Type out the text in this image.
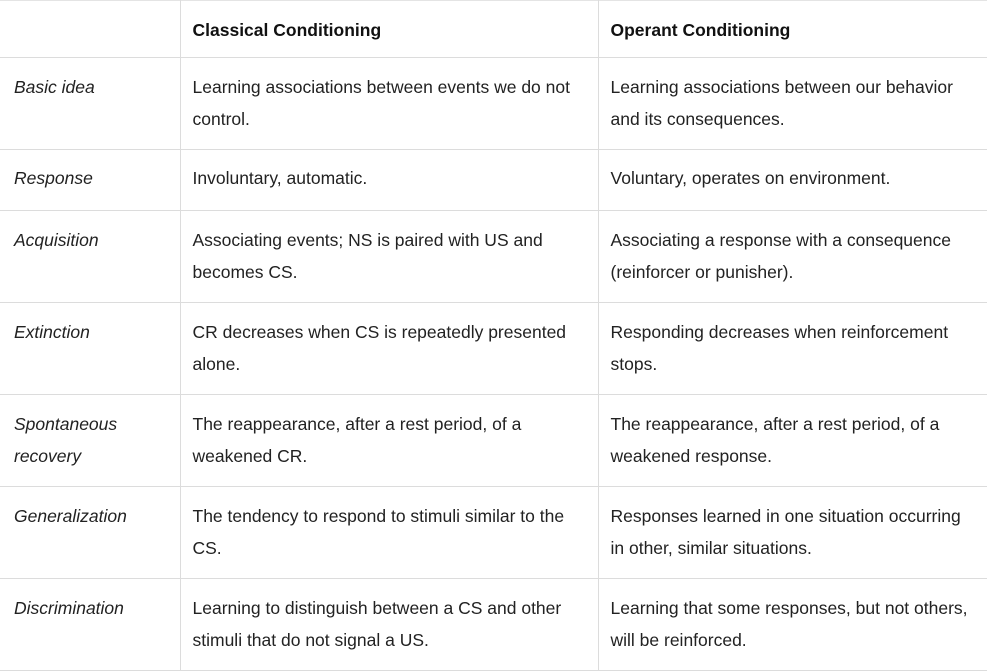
	Classical Conditioning	Operant Conditioning
Basic idea	Learning associations between events we do not control.	Learning associations between our behavior and its consequences.
Response	Involuntary, automatic.	Voluntary, operates on environment.
Acquisition	Associating events; NS is paired with US and becomes CS.	Associating a response with a consequence (reinforcer or punisher).
Extinction	CR decreases when CS is repeatedly presented alone.	Responding decreases when reinforcement stops.
Spontaneous recovery	The reappearance, after a rest period, of a weakened CR.	The reappearance, after a rest period, of a weakened response.
Generalization	The tendency to respond to stimuli similar to the CS.	Responses learned in one situation occurring in other, similar situations.
Discrimination	Learning to distinguish between a CS and other stimuli that do not signal a US.	Learning that some responses, but not others, will be reinforced.
